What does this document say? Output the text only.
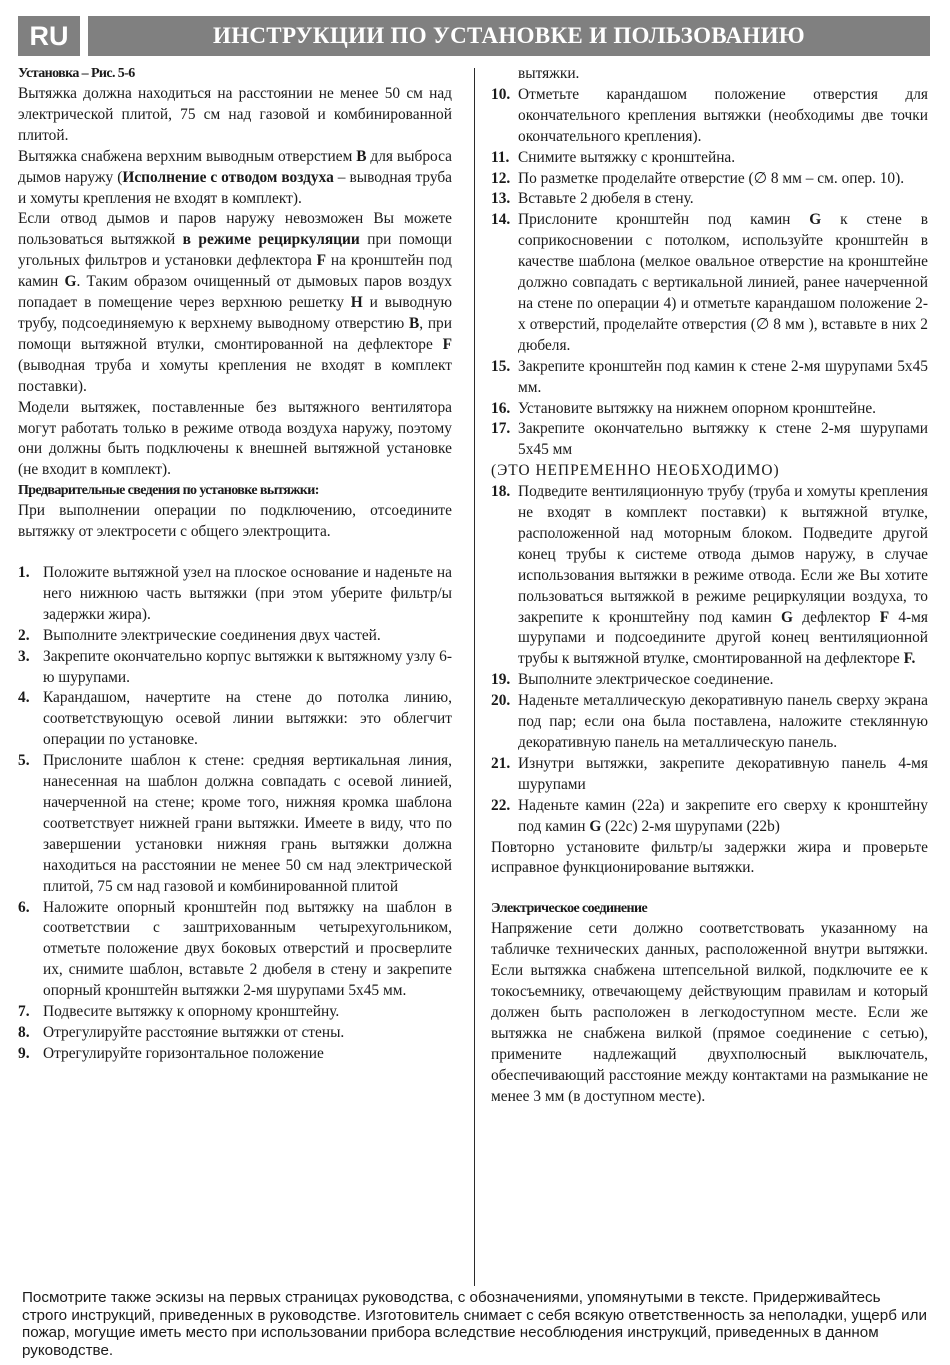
RU	ИНСТРУКЦИИ ПО УСТАНОВКЕ И ПОЛЬЗОВАНИЮ

Установка – Рис. 5-6

Вытяжка должна находиться на расстоянии не менее 50 см над электрической плитой, 75 см над газовой и комбинированной плитой.

Вытяжка снабжена верхним выводным отверстием B для выброса дымов наружу (Исполнение с отводом воздуха – выводная труба и хомуты крепления не входят в комплект).

Если отвод дымов и паров наружу невозможен Вы можете пользоваться вытяжкой в режиме рециркуляции при помощи угольных фильтров и установки дефлектора F на кронштейн под камин G. Таким образом очищенный от дымовых паров воздух попадает в помещение через верхнюю решетку H и выводную трубу, подсоединяемую к верхнему выводному отверстию B, при помощи вытяжной втулки, смонтированной на дефлекторе F (выводная труба и хомуты крепления не входят в комплект поставки).

Модели вытяжек, поставленные без вытяжного вентилятора могут работать только в режиме отвода воздуха наружу, поэтому они должны быть подключены к внешней вытяжной установке (не входит в комплект).

Предварительные сведения по установке вытяжки:

При выполнении операции по подключению, отсоедините вытяжку от электросети с общего электрощита.

1. Положите вытяжной узел на плоское основание и наденьте на него нижнюю часть вытяжки (при этом уберите фильтр/ы задержки жира).
2. Выполните электрические соединения двух частей.
3. Закрепите окончательно корпус вытяжки к вытяжному узлу 6-ю шурупами.
4. Карандашом, начертите на стене до потолка линию, соответствующую осевой линии вытяжки: это облегчит операции по установке.
5. Прислоните шаблон к стене: средняя вертикальная линия, нанесенная на шаблон должна совпадать с осевой линией, начерченной на стене; кроме того, нижняя кромка шаблона соответствует нижней грани вытяжки. Имеете в виду, что по завершении установки нижняя грань вытяжки должна находиться на расстоянии не менее 50 см над электрической плитой, 75 см над газовой и комбинированной плитой
6. Наложите опорный кронштейн под вытяжку на шаблон в соответствии с заштрихованным четырехугольником, отметьте положение двух боковых отверстий и просверлите их, снимите шаблон, вставьте 2 дюбеля в стену и закрепите опорный кронштейн вытяжки 2-мя шурупами 5x45 мм.
7. Подвесите вытяжку к опорному кронштейну.
8. Отрегулируйте расстояние вытяжки от стены.
9. Отрегулируйте горизонтальное положение

вытяжки.

10. Отметьте карандашом положение отверстия для окончательного крепления вытяжки (необходимы две точки окончательного крепления).
11. Снимите вытяжку с кронштейна.
12. По разметке проделайте отверстие (∅ 8 мм – см. опер. 10).
13. Вставьте 2 дюбеля в стену.
14. Прислоните кронштейн под камин G к стене в соприкосновении с потолком, используйте кронштейн в качестве шаблона (мелкое овальное отверстие на кронштейне должно совпадать с вертикальной линией, ранее начерченной на стене по операции 4) и отметьте карандашом положение 2-х отверстий, проделайте отверстия (∅ 8 мм ), вставьте в них 2 дюбеля.
15. Закрепите кронштейн под камин к стене 2-мя шурупами 5x45 мм.
16. Установите вытяжку на нижнем опорном кронштейне.
17. Закрепите окончательно вытяжку к стене 2-мя шурупами 5x45 мм

(ЭТО НЕПРЕМЕННО НЕОБХОДИМО)

18. Подведите вентиляционную трубу (труба и хомуты крепления не входят в комплект поставки) к вытяжной втулке, расположенной над моторным блоком. Подведите другой конец трубы к системе отвода дымов наружу, в случае использования вытяжки в режиме отвода. Если же Вы хотите пользоваться вытяжкой в режиме рециркуляции воздуха, то закрепите к кронштейну под камин G дефлектор F 4-мя шурупами и подсоедините другой конец вентиляционной трубы к вытяжной втулке, смонтированной на дефлекторе F.
19. Выполните электрическое соединение.
20. Наденьте металлическую декоративную панель сверху экрана под пар; если она была поставлена, наложите стеклянную декоративную панель на металлическую панель.
21. Изнутри вытяжки, закрепите декоративную панель 4-мя шурупами
22. Наденьте камин (22а) и закрепите его сверху к кронштейну под камин G (22с) 2-мя шурупами (22b)

Повторно установите фильтр/ы задержки жира и проверьте исправное функционирование вытяжки.

Электрическое соединение

Напряжение сети должно соответствовать указанному на табличке технических данных, расположенной внутри вытяжки. Если вытяжка снабжена штепсельной вилкой, подключите ее к токосъемнику, отвечающему действующим правилам и который должен быть расположен в легкодоступном месте. Если же вытяжка не снабжена вилкой (прямое соединение с сетью), примените надлежащий двухполюсный выключатель, обеспечивающий расстояние между контактами на размыкание не менее 3 мм (в доступном месте).

Посмотрите также эскизы на первых страницах руководства, с обозначениями, упомянутыми в тексте. Придерживайтесь строго инструкций, приведенных в руководстве. Изготовитель снимает с себя всякую ответственность за неполадки, ущерб или пожар, могущие иметь место при использовании прибора вследствие несоблюдения инструкций, приведенных в данном руководстве.
